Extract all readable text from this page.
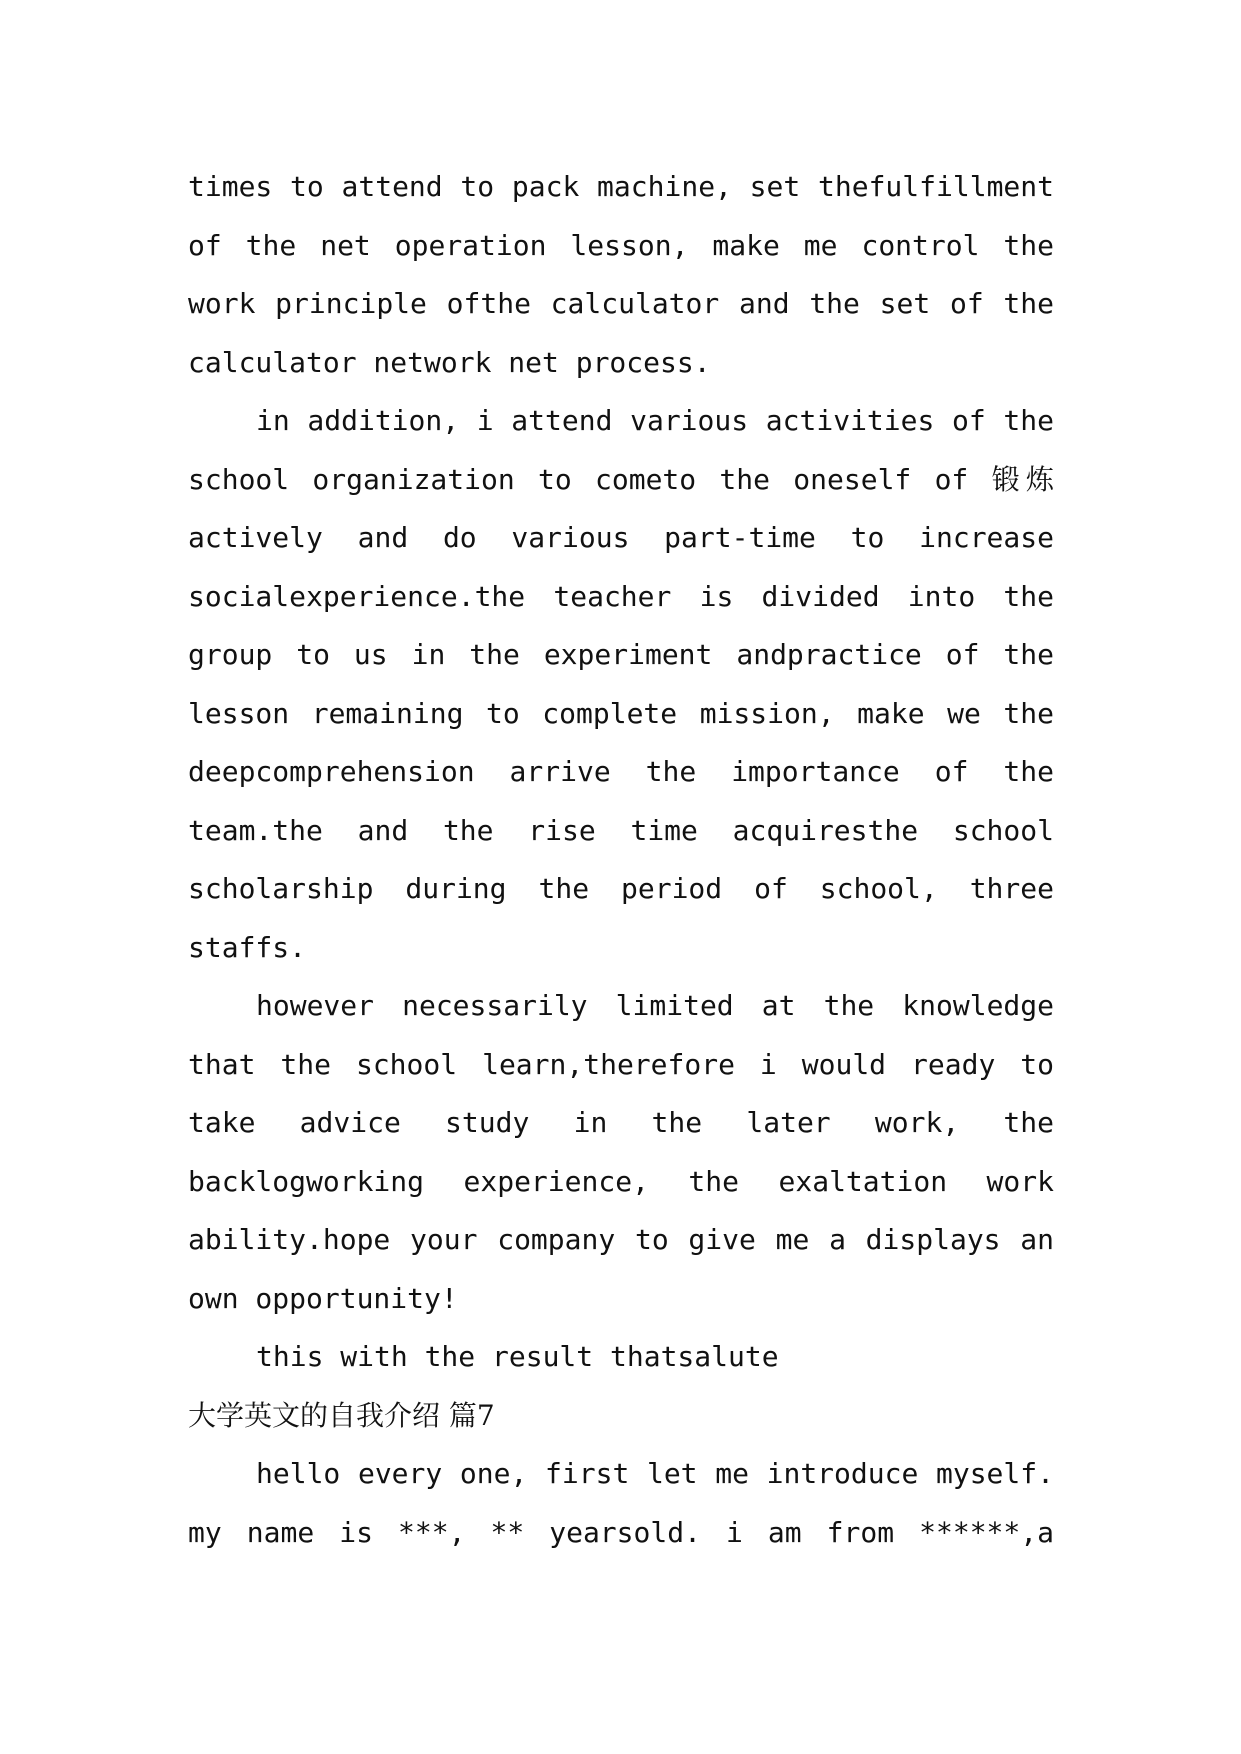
times to attend to pack machine, set thefulfillment
of the net operation lesson, make me control the
work principle ofthe calculator and the set of the
calculator network net process.
in addition, i attend various activities of the
school organization to cometo the oneself of 锻炼
actively and do various part-time to increase
socialexperience.the teacher is divided into the
group to us in the experiment andpractice of the
lesson remaining to complete mission, make we the
deepcomprehension arrive the importance of the
team.the and the rise time acquiresthe school
scholarship during the period of school, three
staffs.
however necessarily limited at the knowledge
that the school learn,therefore i would ready to
take advice study in the later work, the
backlogworking experience, the exaltation work
ability.hope your company to give me a displays an
own opportunity!
this with the result thatsalute
大学英文的自我介绍 篇7
hello every one, first let me introduce myself.
my name is ***, ** yearsold. i am from ******,a
